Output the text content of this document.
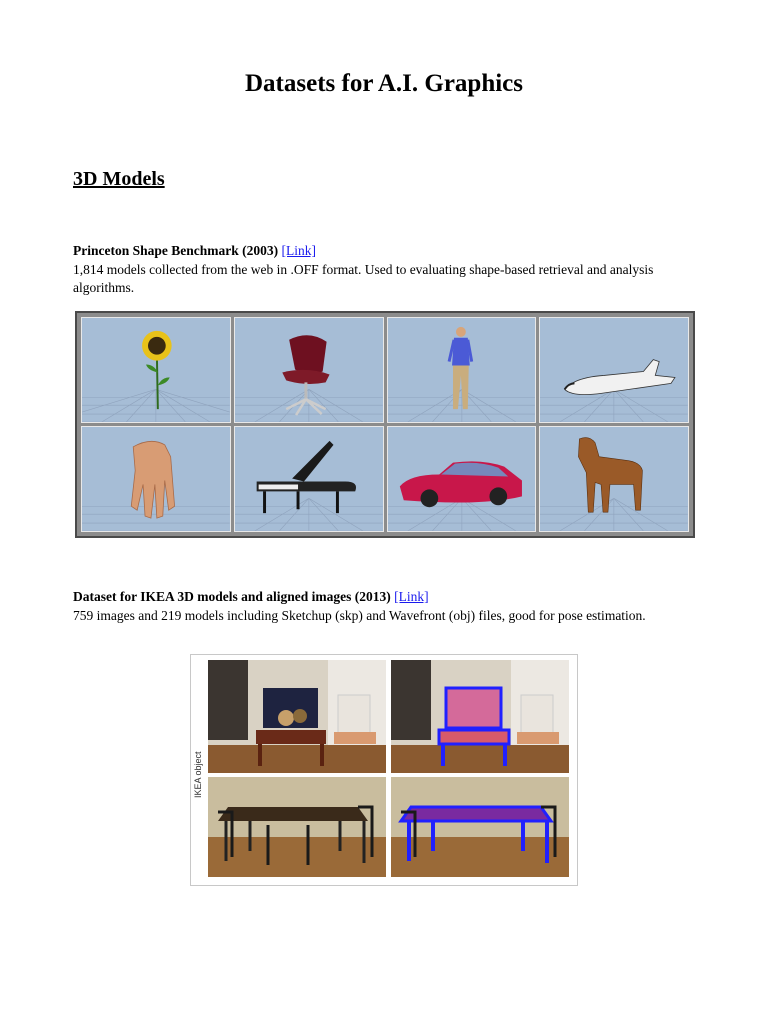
Datasets for A.I. Graphics
3D Models
Princeton Shape Benchmark (2003) [Link]
1,814 models collected from the web in .OFF format. Used to evaluating shape-based retrieval and analysis algorithms.
Dataset for IKEA 3D models and aligned images (2013) [Link]
759 images and 219 models including Sketchup (skp) and Wavefront (obj) files, good for pose estimation.
IKEA object
